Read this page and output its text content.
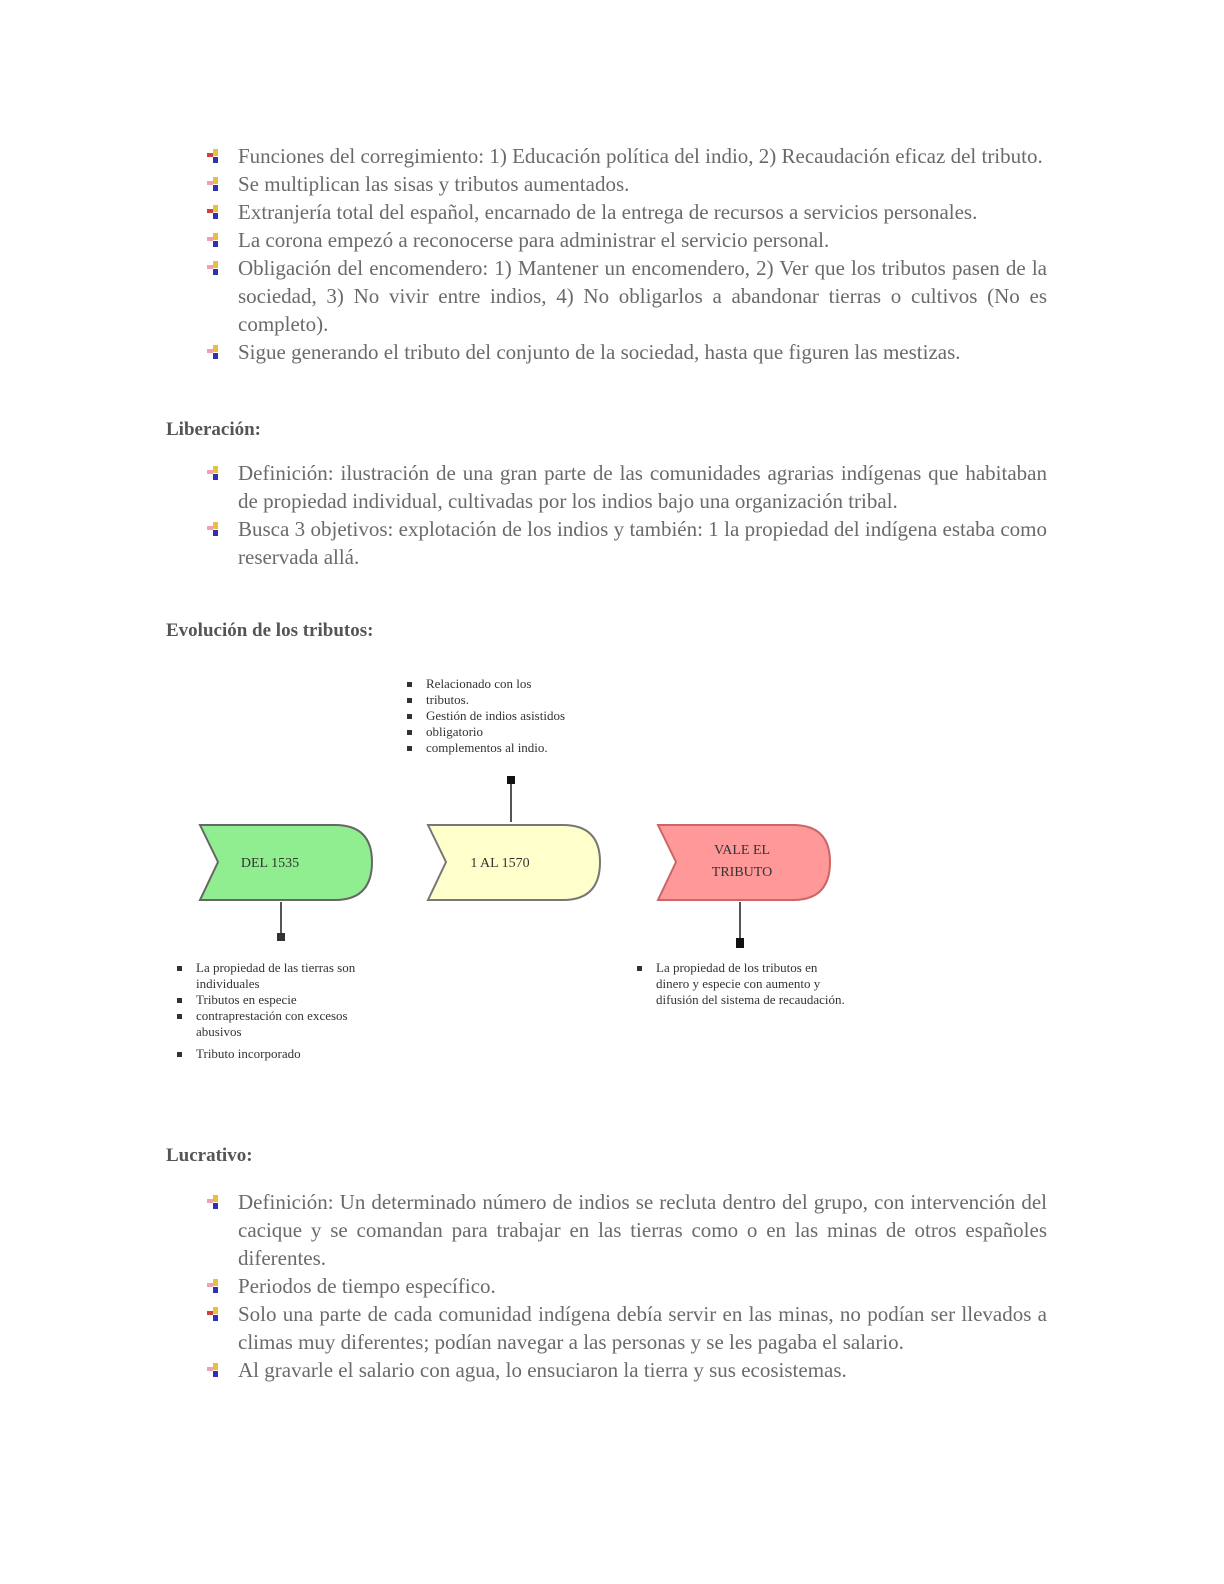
Funciones del corregimiento: 1) Educación política del indio, 2) Recaudación eficaz del tributo.
Se multiplican las sisas y tributos aumentados.
Extranjería total del español, encarnado de la entrega de recursos a servicios personales.
La corona empezó a reconocerse para administrar el servicio personal.
Obligación del encomendero: 1) Mantener un encomendero, 2) Ver que los tributos pasen de la sociedad, 3) No vivir entre indios, 4) No obligarlos a abandonar tierras o cultivos (No es completo).
Sigue generando el tributo del conjunto de la sociedad, hasta que figuren las mestizas.

Liberación:

Definición: ilustración de una gran parte de las comunidades agrarias indígenas que habitaban de propiedad individual, cultivadas por los indios bajo una organización tribal.
Busca 3 objetivos: explotación de los indios y también: 1 la propiedad del indígena estaba como reservada allá.

Evolución de los tributos:

DEL 1535	1 AL 1570
VALE EL
TRIBUTO
Relacionado con los
tributos.
Gestión de indios asistidos
obligatorio
complementos al indio.
La propiedad de las tierras son individuales
Tributos en especie
contraprestación con excesos abusivos
Tributo incorporado
La propiedad de los tributos en dinero y especie con aumento y difusión del sistema de recaudación.

Lucrativo:

Definición: Un determinado número de indios se recluta dentro del grupo, con intervención del cacique y se comandan para trabajar en las tierras como o en las minas de otros españoles diferentes.
Periodos de tiempo específico.
Solo una parte de cada comunidad indígena debía servir en las minas, no podían ser llevados a climas muy diferentes; podían navegar a las personas y se les pagaba el salario.
Al gravarle el salario con agua, lo ensuciaron la tierra y sus ecosistemas.
